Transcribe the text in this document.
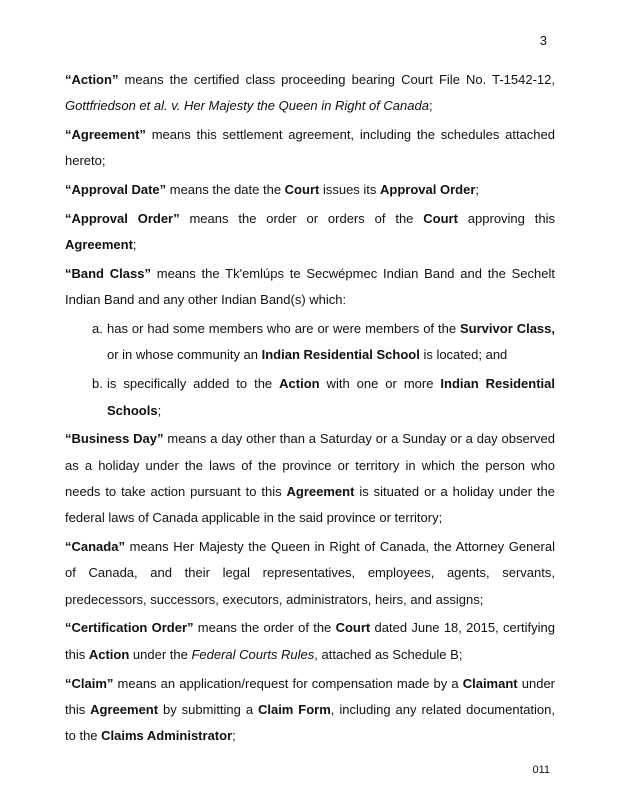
3
“Action” means the certified class proceeding bearing Court File No. T-1542-12, Gottfriedson et al. v. Her Majesty the Queen in Right of Canada;
“Agreement” means this settlement agreement, including the schedules attached hereto;
“Approval Date” means the date the Court issues its Approval Order;
“Approval Order” means the order or orders of the Court approving this Agreement;
“Band Class” means the Tk'emlúps te Secwépmec Indian Band and the Sechelt Indian Band and any other Indian Band(s) which:
a. has or had some members who are or were members of the Survivor Class, or in whose community an Indian Residential School is located; and
b. is specifically added to the Action with one or more Indian Residential Schools;
“Business Day” means a day other than a Saturday or a Sunday or a day observed as a holiday under the laws of the province or territory in which the person who needs to take action pursuant to this Agreement is situated or a holiday under the federal laws of Canada applicable in the said province or territory;
“Canada” means Her Majesty the Queen in Right of Canada, the Attorney General of Canada, and their legal representatives, employees, agents, servants, predecessors, successors, executors, administrators, heirs, and assigns;
“Certification Order” means the order of the Court dated June 18, 2015, certifying this Action under the Federal Courts Rules, attached as Schedule B;
“Claim” means an application/request for compensation made by a Claimant under this Agreement by submitting a Claim Form, including any related documentation, to the Claims Administrator;
011
